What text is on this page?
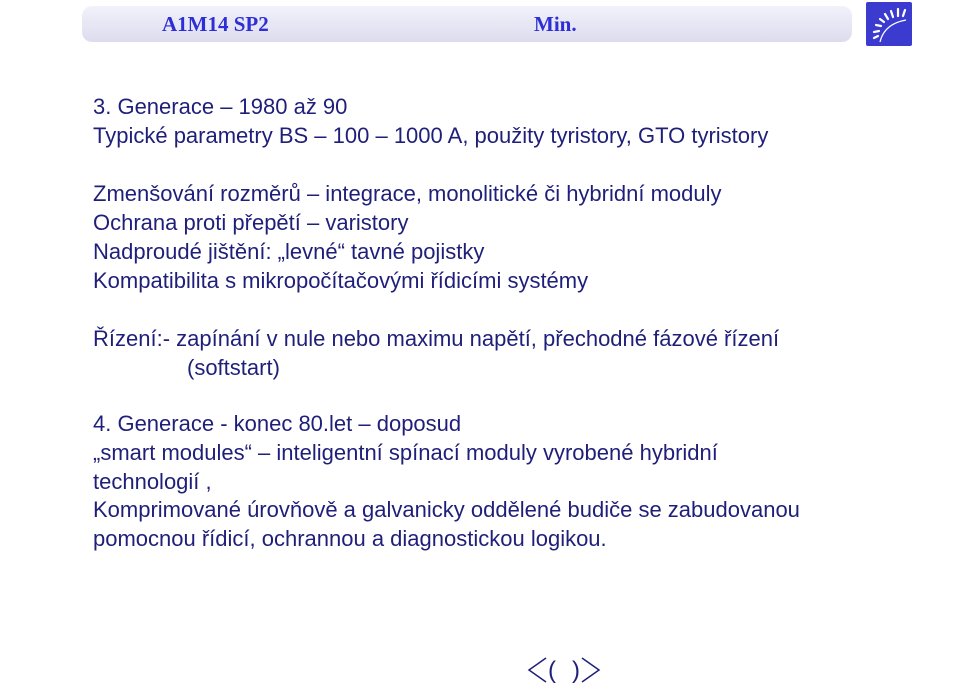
A1M14 SP2	Min.
3. Generace – 1980 až 90
Typické parametry BS – 100 – 1000 A, použity tyristory, GTO tyristory
Zmenšování rozměrů – integrace, monolitické či hybridní moduly
Ochrana proti přepětí – varistory
Nadproudé jištění: „levné“ tavné pojistky
Kompatibilita s mikropočítačovými řídicími systémy
Řízení:- zapínání v nule nebo maximu napětí, přechodné fázové řízení
(softstart)
4. Generace - konec 80.let – doposud
„smart modules“ – inteligentní spínací moduly vyrobené hybridní
technologií ,
Komprimované úrovňově a galvanicky oddělené budiče se zabudovanou
pomocnou řídicí, ochrannou a diagnostickou logikou.
( )
